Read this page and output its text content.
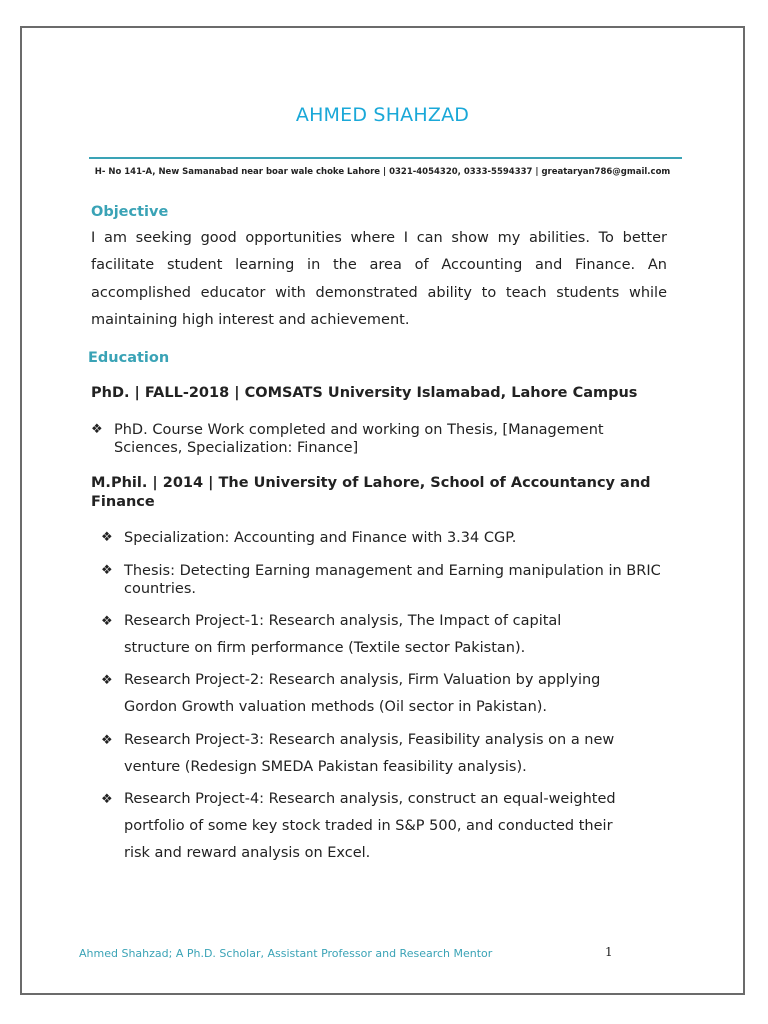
AHMED SHAHZAD
H- No 141-A, New Samanabad near boar wale choke Lahore | 0321-4054320, 0333-5594337 | greataryan786@gmail.com
Objective
I am seeking good opportunities where I can show my abilities. To better facilitate student learning in the area of Accounting and Finance. An accomplished educator with demonstrated ability to teach students while maintaining high interest and achievement.
Education
PhD. | FALL-2018 | COMSATS University Islamabad, Lahore Campus
❖ PhD. Course Work completed and working on Thesis, [Management Sciences, Specialization: Finance]
M.Phil. | 2014 | The University of Lahore, School of Accountancy and Finance
❖ Specialization: Accounting and Finance with 3.34 CGP.
❖ Thesis: Detecting Earning management and Earning manipulation in BRIC countries.
❖ Research Project-1: Research analysis, The Impact of capital structure on firm performance (Textile sector Pakistan).
❖ Research Project-2: Research analysis, Firm Valuation by applying Gordon Growth valuation methods (Oil sector in Pakistan).
❖ Research Project-3: Research analysis, Feasibility analysis on a new venture (Redesign SMEDA Pakistan feasibility analysis).
❖ Research Project-4: Research analysis, construct an equal-weighted portfolio of some key stock traded in S&P 500, and conducted their risk and reward analysis on Excel.
Ahmed Shahzad; A Ph.D. Scholar, Assistant Professor and Research Mentor	1
